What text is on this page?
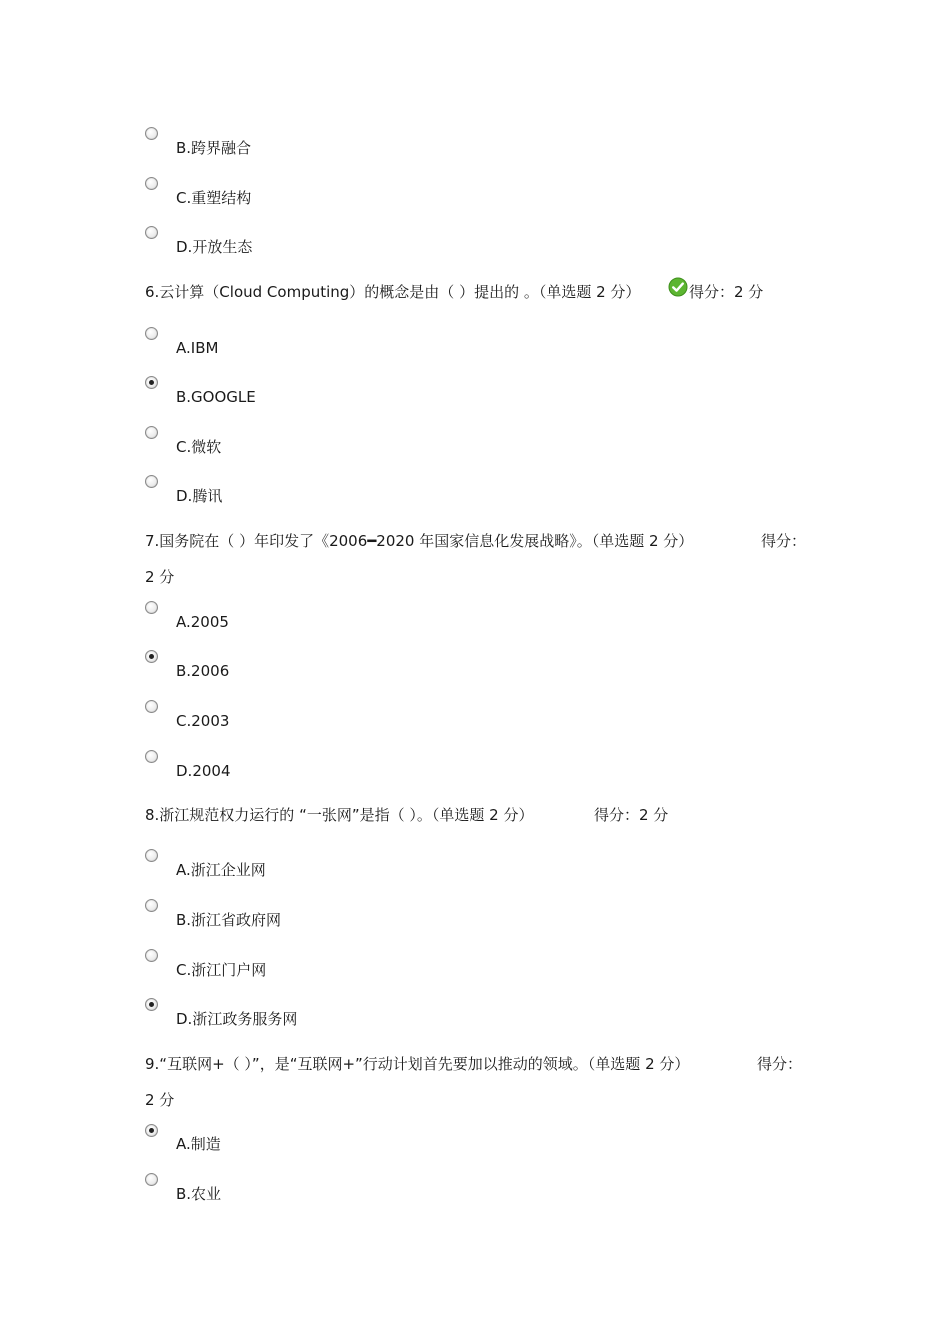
B.跨界融合
C.重塑结构
D.开放生态
6.云计算（Cloud Computing）的概念是由（ ）提出的 。（单选题 2 分）	得分：2 分
A.IBM
B.GOOGLE
C.微软
D.腾讯
7.国务院在（ ）年印发了《2006━2020 年国家信息化发展战略》。（单选题 2 分）	得分：
2 分
A.2005
B.2006
C.2003
D.2004
8.浙江规范权力运行的 “一张网”是指（ ）。（单选题 2 分）	得分：2 分
A.浙江企业网
B.浙江省政府网
C.浙江门户网
D.浙江政务服务网
9.“互联网+（ ）”，是“互联网+”行动计划首先要加以推动的领域。（单选题 2 分）	得分：
2 分
A.制造
B.农业
